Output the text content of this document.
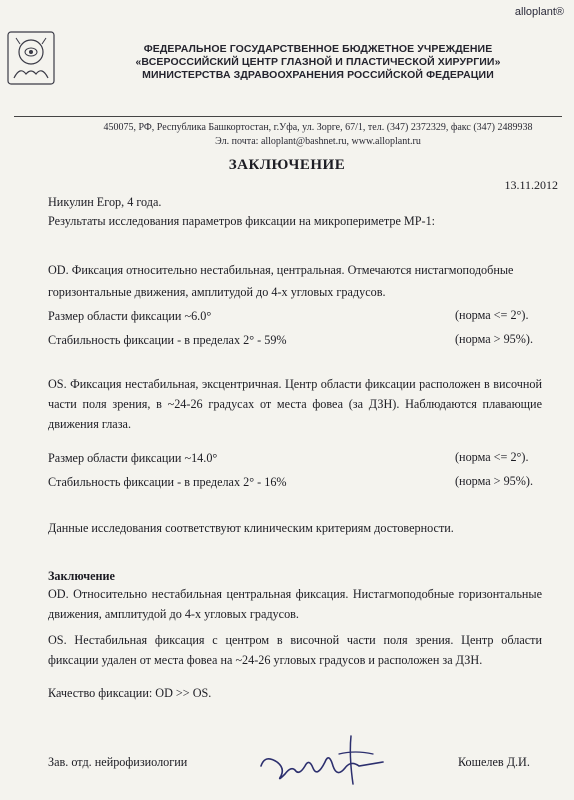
alloplant®
ФЕДЕРАЛЬНОЕ ГОСУДАРСТВЕННОЕ БЮДЖЕТНОЕ УЧРЕЖДЕНИЕ
«ВСЕРОССИЙСКИЙ ЦЕНТР ГЛАЗНОЙ И ПЛАСТИЧЕСКОЙ ХИРУРГИИ»
МИНИСТЕРСТВА ЗДРАВООХРАНЕНИЯ РОССИЙСКОЙ ФЕДЕРАЦИИ
450075, РФ, Республика Башкортостан, г.Уфа, ул. Зорге, 67/1, тел. (347) 2372329, факс (347) 2489938
Эл. почта: alloplant@bashnet.ru, www.alloplant.ru
ЗАКЛЮЧЕНИЕ
13.11.2012
Никулин Егор, 4 года.
Результаты исследования параметров фиксации на микропериметре МР-1:
OD. Фиксация относительно нестабильная, центральная. Отмечаются нистагмоподобные
горизонтальные движения, амплитудой до 4-х угловых градусов.
Размер области фиксации ~6.0°	(норма <= 2°).
Стабильность фиксации - в пределах 2° - 59%	(норма > 95%).
OS. Фиксация нестабильная, эксцентричная. Центр области фиксации расположен в височной части поля зрения, в ~24-26 градусах от места фовеа (за ДЗН). Наблюдаются плавающие движения глаза.
Размер области фиксации ~14.0°	(норма <= 2°).
Стабильность фиксации - в пределах 2° - 16%	(норма > 95%).
Данные исследования соответствуют клиническим критериям достоверности.
Заключение
OD. Относительно нестабильная центральная фиксация. Нистагмоподобные горизонтальные движения, амплитудой до 4-х угловых градусов.
OS. Нестабильная фиксация с центром в височной части поля зрения. Центр области фиксации удален от места фовеа на ~24-26 угловых градусов и расположен за ДЗН.
Качество фиксации: OD >> OS.
Зав. отд. нейрофизиологии	Кошелев Д.И.
